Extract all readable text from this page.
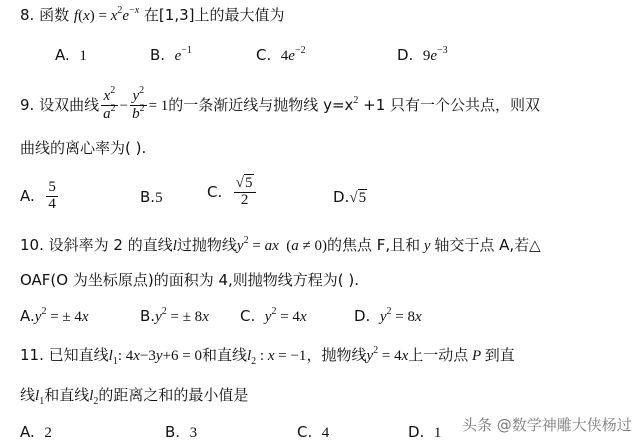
8. 函数 $f(x) = x^2e^{-x}$ 在[1,3]上的最大值为
A. 1	B. $e^{-1}$	C. $4e^{-2}$	D. $9e^{-3}$
9. 设双曲线 $\frac{x^2}{a^2} - \frac{y^2}{b^2} = 1$的一条渐近线与抛物线 $y=x^2 +1$ 只有一个公共点，则双
曲线的离心率为( ).
A. $\frac{5}{4}$	B.5	C. $\frac{√5}{2}$	D.√5
10. 设斜率为 2 的直线l过抛物线$y^2$ = ax  (a ≠ 0)的焦点 F,且和 y 轴交于点 A,若△
OAF(O 为坐标原点)的面积为 4,则抛物线方程为( ).
$A.y^2$ = ± 4x	$B.y^2$ = ± 8x C. $y^2 = 4x$	D. $y^2 = 8x$
11. 已知直线$l_1$: 4x−3y+6 = 0和直线$l_2$ : x = −1，抛物线$y^2 = 4x$上一动点 P 到直
线$l_1$和直线$l_2$的距离之和的最小值是
A. 2	B. 3	C. 4	D. 1 头条 @数学神雕大侠杨过
